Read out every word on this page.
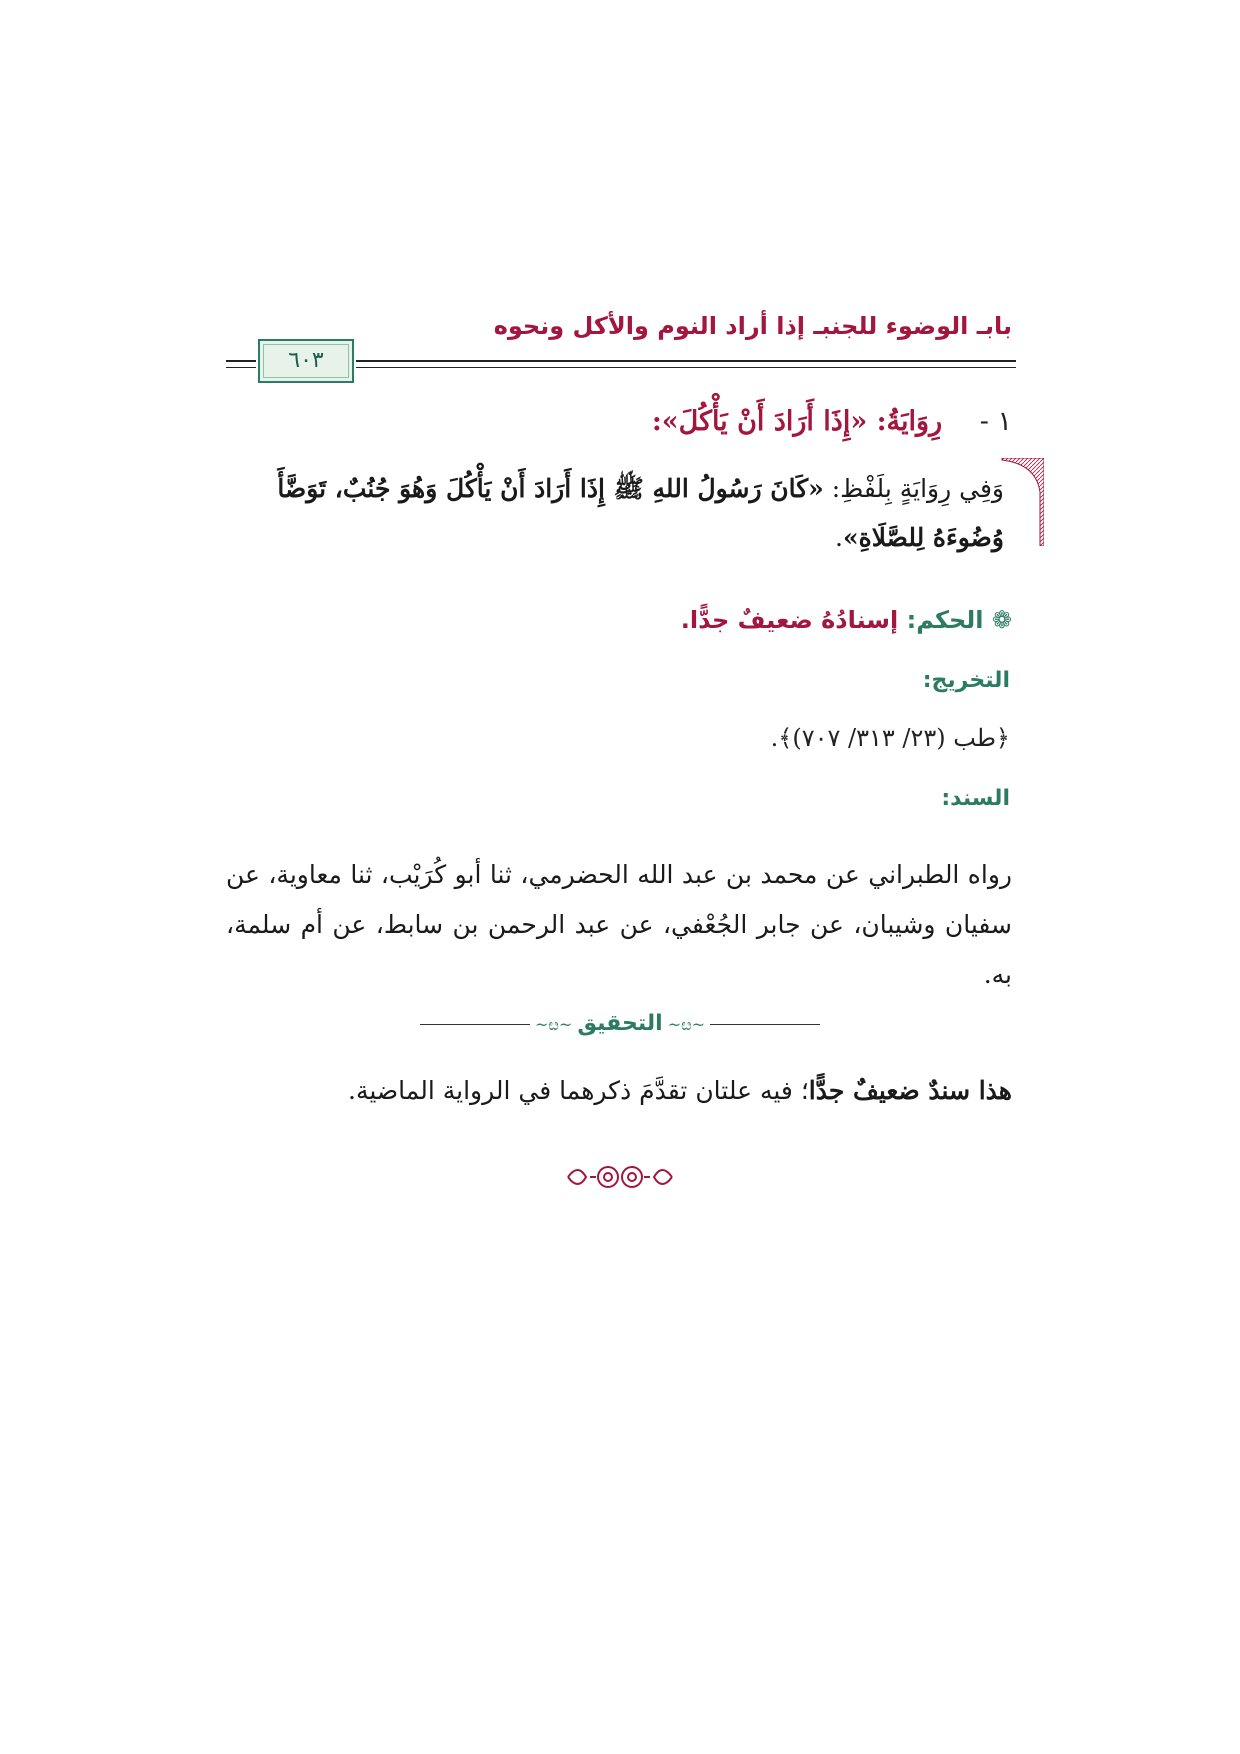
بابـ الوضوء للجنبـ إذا أراد النوم والأكل ونحوه
٦٠٣
١ -    رِوَايَةُ: «إِذَا أَرَادَ أَنْ يَأْكُلَ»:
وَفِي رِوَايَةٍ بِلَفْظِ: «كَانَ رَسُولُ اللهِ ﷺ إِذَا أَرَادَ أَنْ يَأْكُلَ وَهُوَ جُنُبٌ، تَوَضَّأَ وُضُوءَهُ لِلصَّلَاةِ».
❁ الحكم: إسنادُهُ ضعيفٌ جدًّا.
التخريج:
﴿طب (٢٣/ ٣١٣/ ٧٠٧)﴾.
السند:
رواه الطبراني عن محمد بن عبد الله الحضرمي، ثنا أبو كُرَيْب، ثنا معاوية، عن سفيان وشيبان، عن جابر الجُعْفي، عن عبد الرحمن بن سابط، عن أم سلمة، به.
~ೞ~ التحقيق ~ೞ~
هذا سندٌ ضعيفٌ جدًّا؛ فيه علتان تقدَّمَ ذكرهما في الرواية الماضية.
